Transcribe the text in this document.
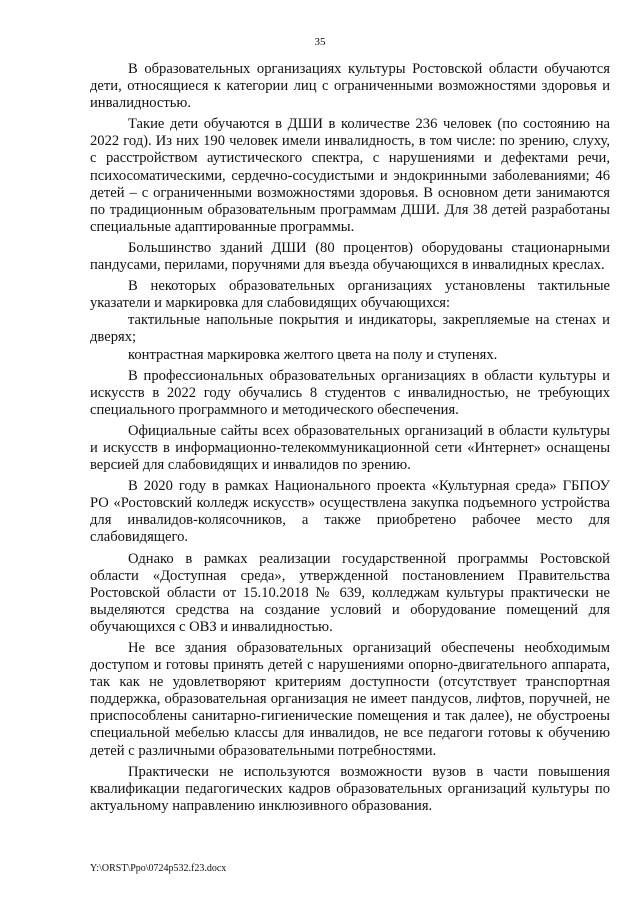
35

В образовательных организациях культуры Ростовской области обучаются дети, относящиеся к категории лиц с ограниченными возможностями здоровья и инвалидностью.

Такие дети обучаются в ДШИ в количестве 236 человек (по состоянию на 2022 год). Из них 190 человек имели инвалидность, в том числе: по зрению, слуху, с расстройством аутистического спектра, с нарушениями и дефектами речи, психосоматическими, сердечно-сосудистыми и эндокринными заболеваниями; 46 детей – с ограниченными возможностями здоровья. В основном дети занимаются по традиционным образовательным программам ДШИ. Для 38 детей разработаны специальные адаптированные программы.

Большинство зданий ДШИ (80 процентов) оборудованы стационарными пандусами, перилами, поручнями для въезда обучающихся в инвалидных креслах.

В некоторых образовательных организациях установлены тактильные указатели и маркировка для слабовидящих обучающихся:

тактильные напольные покрытия и индикаторы, закрепляемые на стенах и дверях;

контрастная маркировка желтого цвета на полу и ступенях.

В профессиональных образовательных организациях в области культуры и искусств в 2022 году обучались 8 студентов с инвалидностью, не требующих специального программного и методического обеспечения.

Официальные сайты всех образовательных организаций в области культуры и искусств в информационно-телекоммуникационной сети «Интернет» оснащены версией для слабовидящих и инвалидов по зрению.

В 2020 году в рамках Национального проекта «Культурная среда» ГБПОУ РО «Ростовский колледж искусств» осуществлена закупка подъемного устройства для инвалидов-колясочников, а также приобретено рабочее место для слабовидящего.

Однако в рамках реализации государственной программы Ростовской области «Доступная среда», утвержденной постановлением Правительства Ростовской области от 15.10.2018 № 639, колледжам культуры практически не выделяются средства на создание условий и оборудование помещений для обучающихся с ОВЗ и инвалидностью.

Не все здания образовательных организаций обеспечены необходимым доступом и готовы принять детей с нарушениями опорно-двигательного аппарата, так как не удовлетворяют критериям доступности (отсутствует транспортная поддержка, образовательная организация не имеет пандусов, лифтов, поручней, не приспособлены санитарно-гигиенические помещения и так далее), не обустроены специальной мебелью классы для инвалидов, не все педагоги готовы к обучению детей с различными образовательными потребностями.

Практически не используются возможности вузов в части повышения квалификации педагогических кадров образовательных организаций культуры по актуальному направлению инклюзивного образования.

Y:\ORST\Ppo\0724p532.f23.docx
